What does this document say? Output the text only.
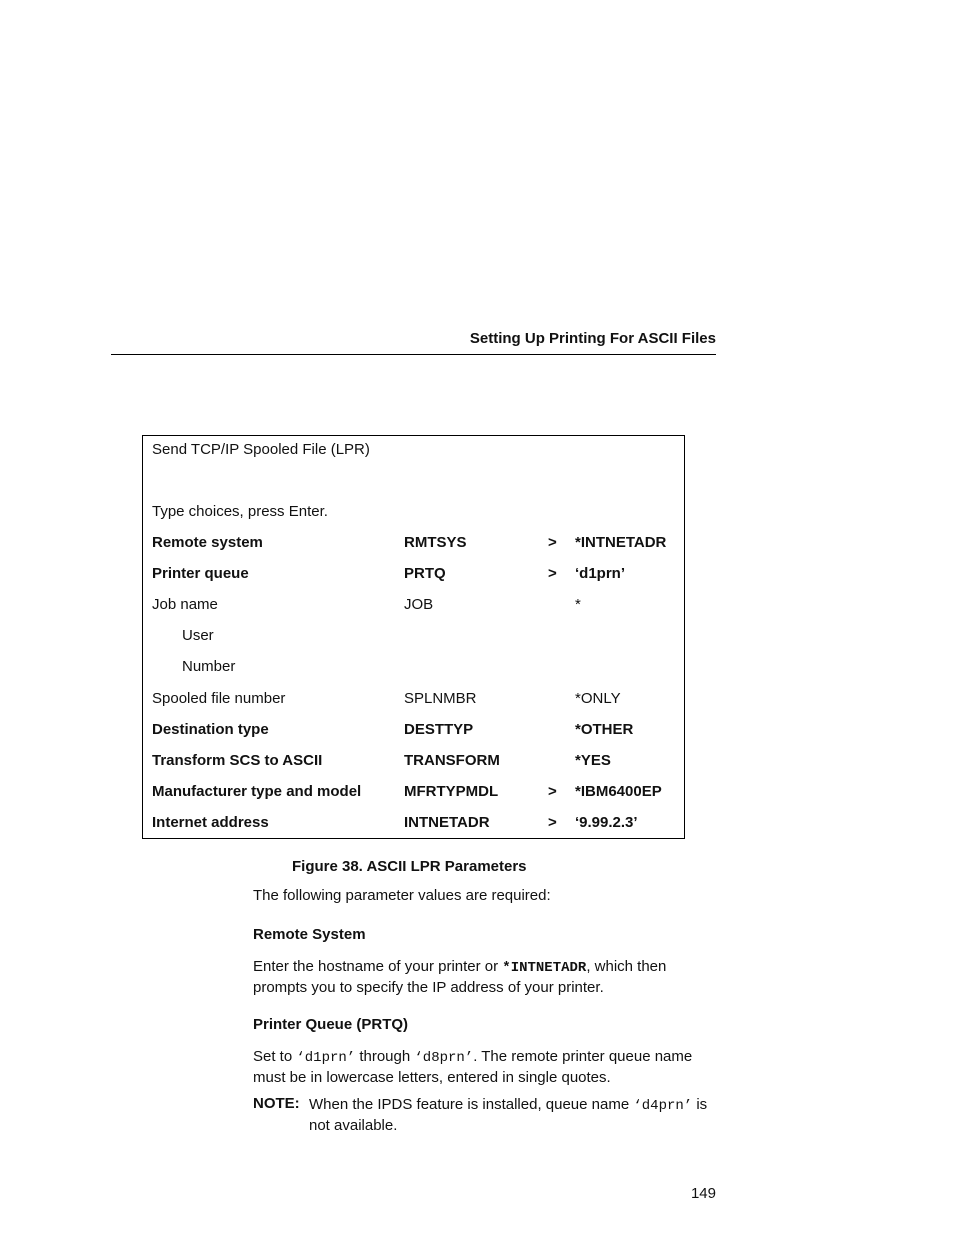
Setting Up Printing For ASCII Files
Send TCP/IP Spooled File (LPR)
Type choices, press Enter.
Remote system	RMTSYS	> *INTNETADR
Printer queue	PRTQ	> ‘d1prn’
Job name	JOB	*
User
Number
Spooled file number	SPLNMBR	*ONLY
Destination type	DESTTYP	*OTHER
Transform SCS to ASCII	TRANSFORM	*YES
Manufacturer type and model	MFRTYPMDL	> *IBM6400EP
Internet address	INTNETADR	> ‘9.99.2.3’
Figure 38. ASCII LPR Parameters
The following parameter values are required:
Remote System
Enter the hostname of your printer or *INTNETADR, which then prompts you to specify the IP address of your printer.
Printer Queue (PRTQ)
Set to ‘d1prn’ through ‘d8prn’. The remote printer queue name must be in lowercase letters, entered in single quotes.
NOTE: When the IPDS feature is installed, queue name ‘d4prn’ is not available.
149
